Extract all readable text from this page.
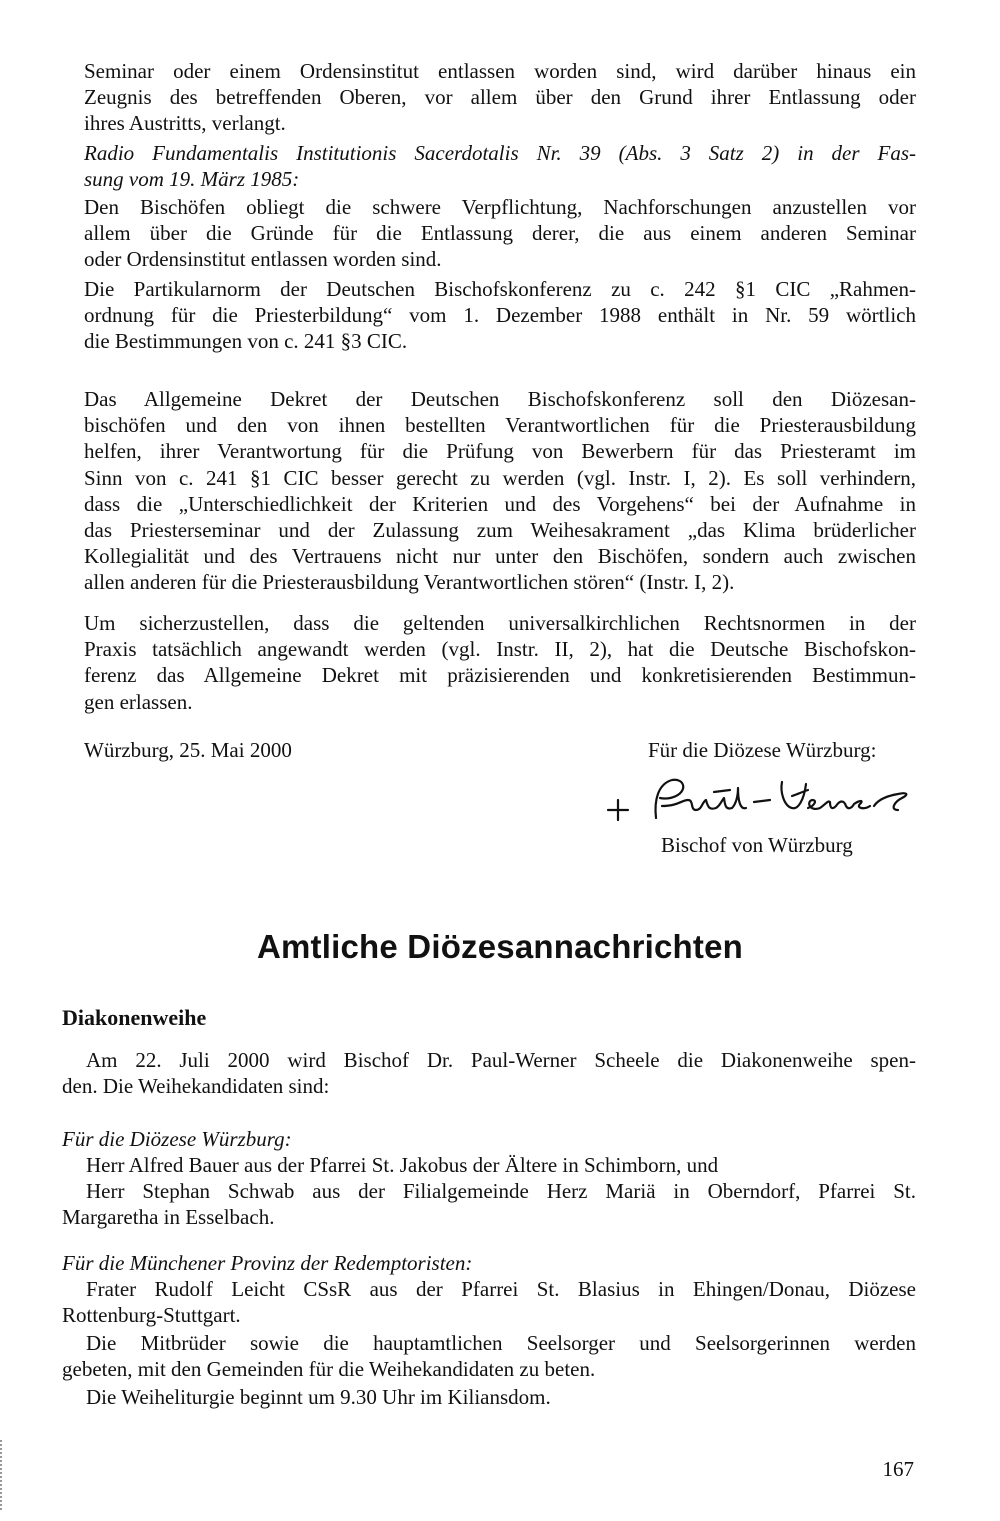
Seminar oder einem Ordensinstitut entlassen worden sind, wird darüber hinaus ein
Zeugnis des betreffenden Oberen, vor allem über den Grund ihrer Entlassung oder
ihres Austritts, verlangt.
Radio Fundamentalis Institutionis Sacerdotalis Nr. 39 (Abs. 3 Satz 2) in der Fas-
sung vom 19. März 1985:
Den Bischöfen obliegt die schwere Verpflichtung, Nachforschungen anzustellen vor
allem über die Gründe für die Entlassung derer, die aus einem anderen Seminar
oder Ordensinstitut entlassen worden sind.
Die Partikularnorm der Deutschen Bischofskonferenz zu c. 242 §1 CIC „Rahmen-
ordnung für die Priesterbildung“ vom 1. Dezember 1988 enthält in Nr. 59 wörtlich
die Bestimmungen von c. 241 §3 CIC.
Das Allgemeine Dekret der Deutschen Bischofskonferenz soll den Diözesan-
bischöfen und den von ihnen bestellten Verantwortlichen für die Priesterausbildung
helfen, ihrer Verantwortung für die Prüfung von Bewerbern für das Priesteramt im
Sinn von c. 241 §1 CIC besser gerecht zu werden (vgl. Instr. I, 2). Es soll verhindern,
dass die „Unterschiedlichkeit der Kriterien und des Vorgehens“ bei der Aufnahme in
das Priesterseminar und der Zulassung zum Weihesakrament „das Klima brüderlicher
Kollegialität und des Vertrauens nicht nur unter den Bischöfen, sondern auch zwischen
allen anderen für die Priesterausbildung Verantwortlichen stören“ (Instr. I, 2).
Um sicherzustellen, dass die geltenden universalkirchlichen Rechtsnormen in der
Praxis tatsächlich angewandt werden (vgl. Instr. II, 2), hat die Deutsche Bischofskon-
ferenz das Allgemeine Dekret mit präzisierenden und konkretisierenden Bestimmun-
gen erlassen.
Würzburg, 25. Mai 2000	Für die Diözese Würzburg:
Bischof von Würzburg
Amtliche Diözesannachrichten
Diakonenweihe
Am 22. Juli 2000 wird Bischof Dr. Paul-Werner Scheele die Diakonenweihe spen-
den. Die Weihekandidaten sind:
Für die Diözese Würzburg:
Herr Alfred Bauer aus der Pfarrei St. Jakobus der Ältere in Schimborn, und
Herr Stephan Schwab aus der Filialgemeinde Herz Mariä in Oberndorf, Pfarrei St.
Margaretha in Esselbach.
Für die Münchener Provinz der Redemptoristen:
Frater Rudolf Leicht CSsR aus der Pfarrei St. Blasius in Ehingen/Donau, Diözese
Rottenburg-Stuttgart.
Die Mitbrüder sowie die hauptamtlichen Seelsorger und Seelsorgerinnen werden
gebeten, mit den Gemeinden für die Weihekandidaten zu beten.
Die Weiheliturgie beginnt um 9.30 Uhr im Kiliansdom.
167
